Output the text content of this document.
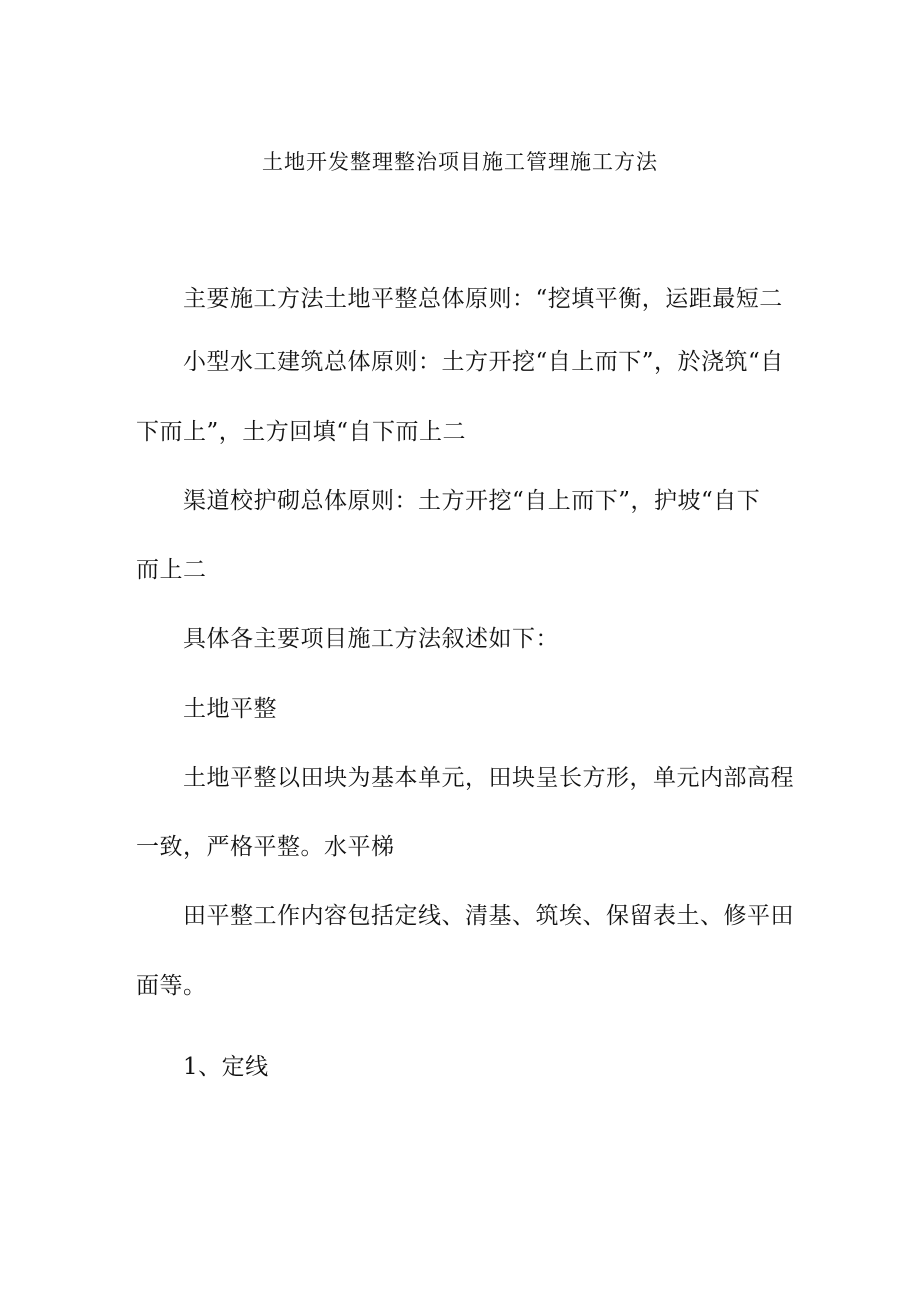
土地开发整理整治项目施工管理施工方法
主要施工方法土地平整总体原则：“挖填平衡，运距最短二
小型水工建筑总体原则：土方开挖“自上而下”，於浇筑“自
下而上”，土方回填“自下而上二
渠道校护砌总体原则：土方开挖“自上而下”，护坡“自下
而上二
具体各主要项目施工方法叙述如下：
土地平整
土地平整以田块为基本单元，田块呈长方形，单元内部高程
一致，严格平整。水平梯
田平整工作内容包括定线、清基、筑埃、保留表土、修平田
面等。
1、定线
